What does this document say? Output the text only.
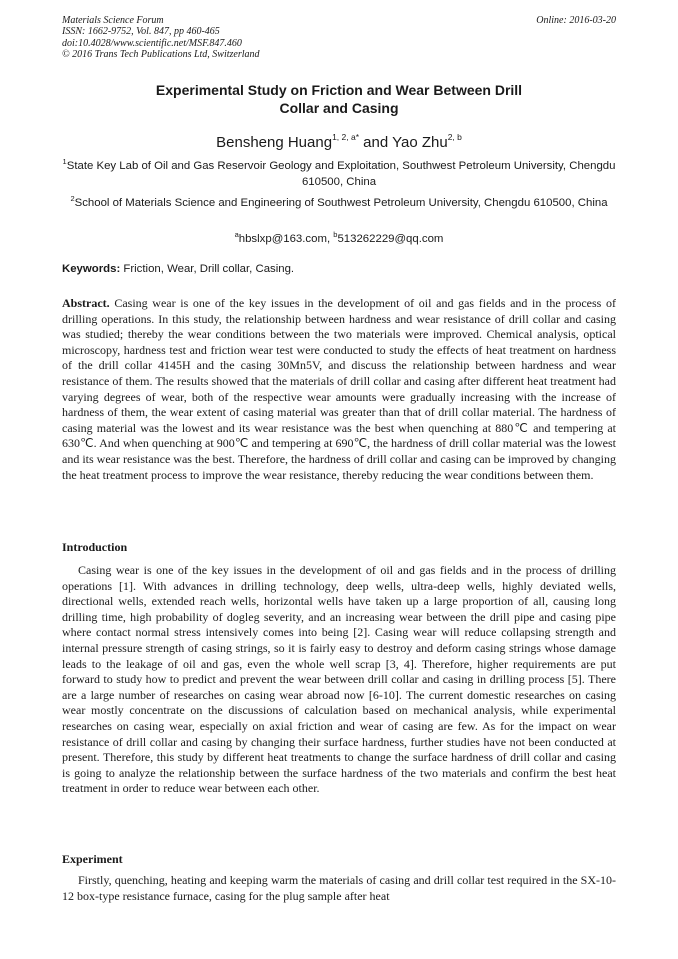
Materials Science Forum
ISSN: 1662-9752, Vol. 847, pp 460-465
doi:10.4028/www.scientific.net/MSF.847.460
© 2016 Trans Tech Publications Ltd, Switzerland
Online: 2016-03-20
Experimental Study on Friction and Wear Between Drill
Collar and Casing
Bensheng Huang$^{1, 2, a*}$ and Yao Zhu$^{2, b}$
$^1$State Key Lab of Oil and Gas Reservoir Geology and Exploitation, Southwest Petroleum University, Chengdu 610500, China
$^2$School of Materials Science and Engineering of Southwest Petroleum University, Chengdu 610500, China
$^a$hbslxp@163.com, $^b$513262229@qq.com
Keywords: Friction, Wear, Drill collar, Casing.

Abstract. Casing wear is one of the key issues in the development of oil and gas fields and in the process of drilling operations. In this study, the relationship between hardness and wear resistance of drill collar and casing was studied; thereby the wear conditions between the two materials were improved. Chemical analysis, optical microscopy, hardness test and friction wear test were conducted to study the effects of heat treatment on hardness of the drill collar 4145H and the casing 30Mn5V, and discuss the relationship between hardness and wear resistance of them. The results showed that the materials of drill collar and casing after different heat treatment had varying degrees of wear, both of the respective wear amounts were gradually increasing with the increase of hardness of them, the wear extent of casing material was greater than that of drill collar material. The hardness of casing material was the lowest and its wear resistance was the best when quenching at 880℃ and tempering at 630℃. And when quenching at 900℃ and tempering at 690℃, the hardness of drill collar material was the lowest and its wear resistance was the best. Therefore, the hardness of drill collar and casing can be improved by changing the heat treatment process to improve the wear resistance, thereby reducing the wear conditions between them.

Introduction

Casing wear is one of the key issues in the development of oil and gas fields and in the process of drilling operations [1]. With advances in drilling technology, deep wells, ultra-deep wells, highly deviated wells, directional wells, extended reach wells, horizontal wells have taken up a large proportion of all, causing long drilling time, high probability of dogleg severity, and an increasing wear between the drill pipe and casing pipe where contact normal stress intensively comes into being [2]. Casing wear will reduce collapsing strength and internal pressure strength of casing strings, so it is fairly easy to destroy and deform casing strings whose damage leads to the leakage of oil and gas, even the whole well scrap [3, 4]. Therefore, higher requirements are put forward to study how to predict and prevent the wear between drill collar and casing in drilling process [5]. There are a large number of researches on casing wear abroad now [6-10]. The current domestic researches on casing wear mostly concentrate on the discussions of calculation based on mechanical analysis, while experimental researches on casing wear, especially on axial friction and wear of casing are few. As for the impact on wear resistance of drill collar and casing by changing their surface hardness, further studies have not been conducted at present. Therefore, this study by different heat treatments to change the surface hardness of drill collar and casing is going to analyze the relationship between the surface hardness of the two materials and confirm the best heat treatment in order to reduce wear between each other.

Experiment

Firstly, quenching, heating and keeping warm the materials of casing and drill collar test required in the SX-10-12 box-type resistance furnace, casing for the plug sample after heat
